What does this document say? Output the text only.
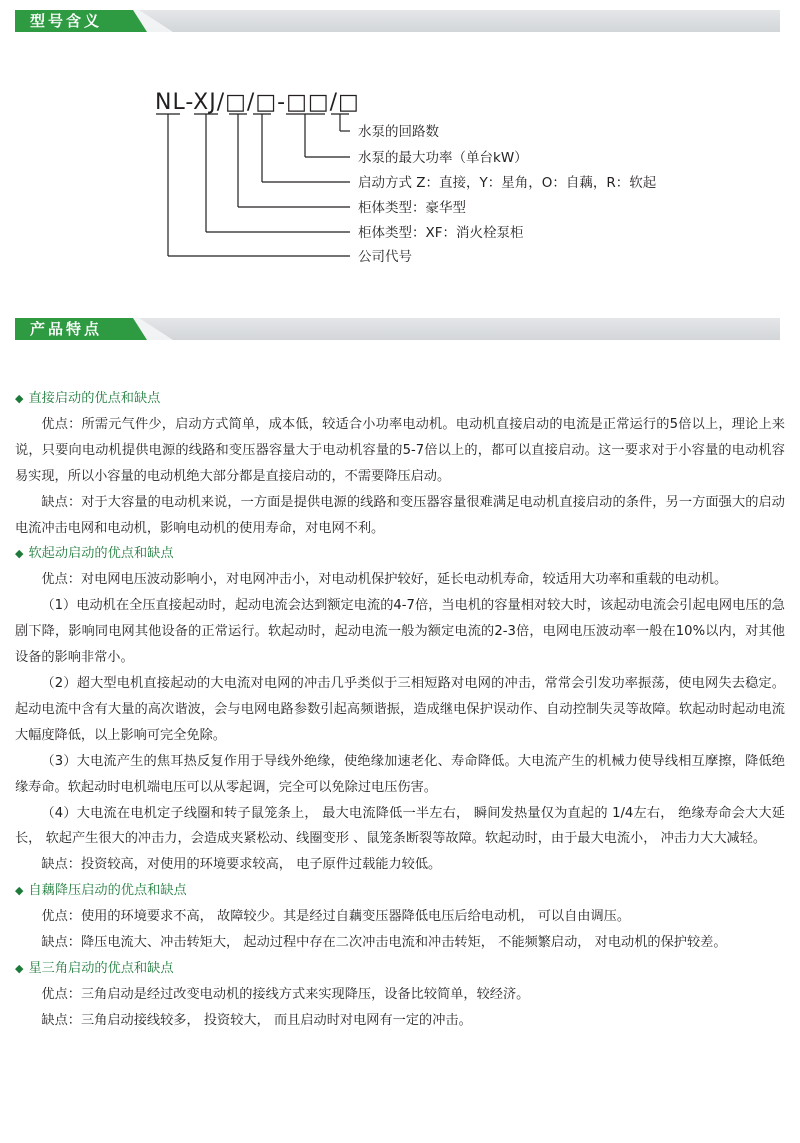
型号含义
NL-XJ/□/□-□□/□
水泵的回路数
水泵的最大功率（单台kW）
启动方式 Z：直接，Y：星角，O：自藕，R：软起
柜体类型：豪华型
柜体类型：XF：消火栓泵柜
公司代号
产品特点

◆ 直接启动的优点和缺点

优点：所需元气件少，启动方式简单，成本低，较适合小功率电动机。电动机直接启动的电流是正常运行的5倍以上，理论上来说，只要向电动机提供电源的线路和变压器容量大于电动机容量的5-7倍以上的，都可以直接启动。这一要求对于小容量的电动机容易实现，所以小容量的电动机绝大部分都是直接启动的，不需要降压启动。

缺点：对于大容量的电动机来说，一方面是提供电源的线路和变压器容量很难满足电动机直接启动的条件，另一方面强大的启动电流冲击电网和电动机，影响电动机的使用寿命，对电网不利。

◆ 软起动启动的优点和缺点

优点：对电网电压波动影响小，对电网冲击小，对电动机保护较好，延长电动机寿命，较适用大功率和重载的电动机。

（1）电动机在全压直接起动时，起动电流会达到额定电流的4-7倍，当电机的容量相对较大时，该起动电流会引起电网电压的急剧下降，影响同电网其他设备的正常运行。软起动时，起动电流一般为额定电流的2-3倍，电网电压波动率一般在10%以内，对其他设备的影响非常小。

（2）超大型电机直接起动的大电流对电网的冲击几乎类似于三相短路对电网的冲击，常常会引发功率振荡，使电网失去稳定。起动电流中含有大量的高次谐波，会与电网电路参数引起高频谐振，造成继电保护误动作、自动控制失灵等故障。软起动时起动电流大幅度降低，以上影响可完全免除。

（3）大电流产生的焦耳热反复作用于导线外绝缘，使绝缘加速老化、寿命降低。大电流产生的机械力使导线相互摩擦，降低绝缘寿命。软起动时电机端电压可以从零起调，完全可以免除过电压伤害。

（4）大电流在电机定子线圈和转子鼠笼条上， 最大电流降低一半左右， 瞬间发热量仅为直起的 1/4左右， 绝缘寿命会大大延长， 软起产生很大的冲击力，会造成夹紧松动、线圈变形 、鼠笼条断裂等故障。软起动时，由于最大电流小， 冲击力大大减轻。

缺点：投资较高，对使用的环境要求较高， 电子原件过载能力较低。

◆ 自藕降压启动的优点和缺点

优点：使用的环境要求不高， 故障较少。其是经过自藕变压器降低电压后给电动机， 可以自由调压。

缺点：降压电流大、冲击转矩大， 起动过程中存在二次冲击电流和冲击转矩， 不能频繁启动， 对电动机的保护较差。

◆ 星三角启动的优点和缺点

优点：三角启动是经过改变电动机的接线方式来实现降压，设备比较简单，较经济。

缺点：三角启动接线较多， 投资较大， 而且启动时对电网有一定的冲击。
